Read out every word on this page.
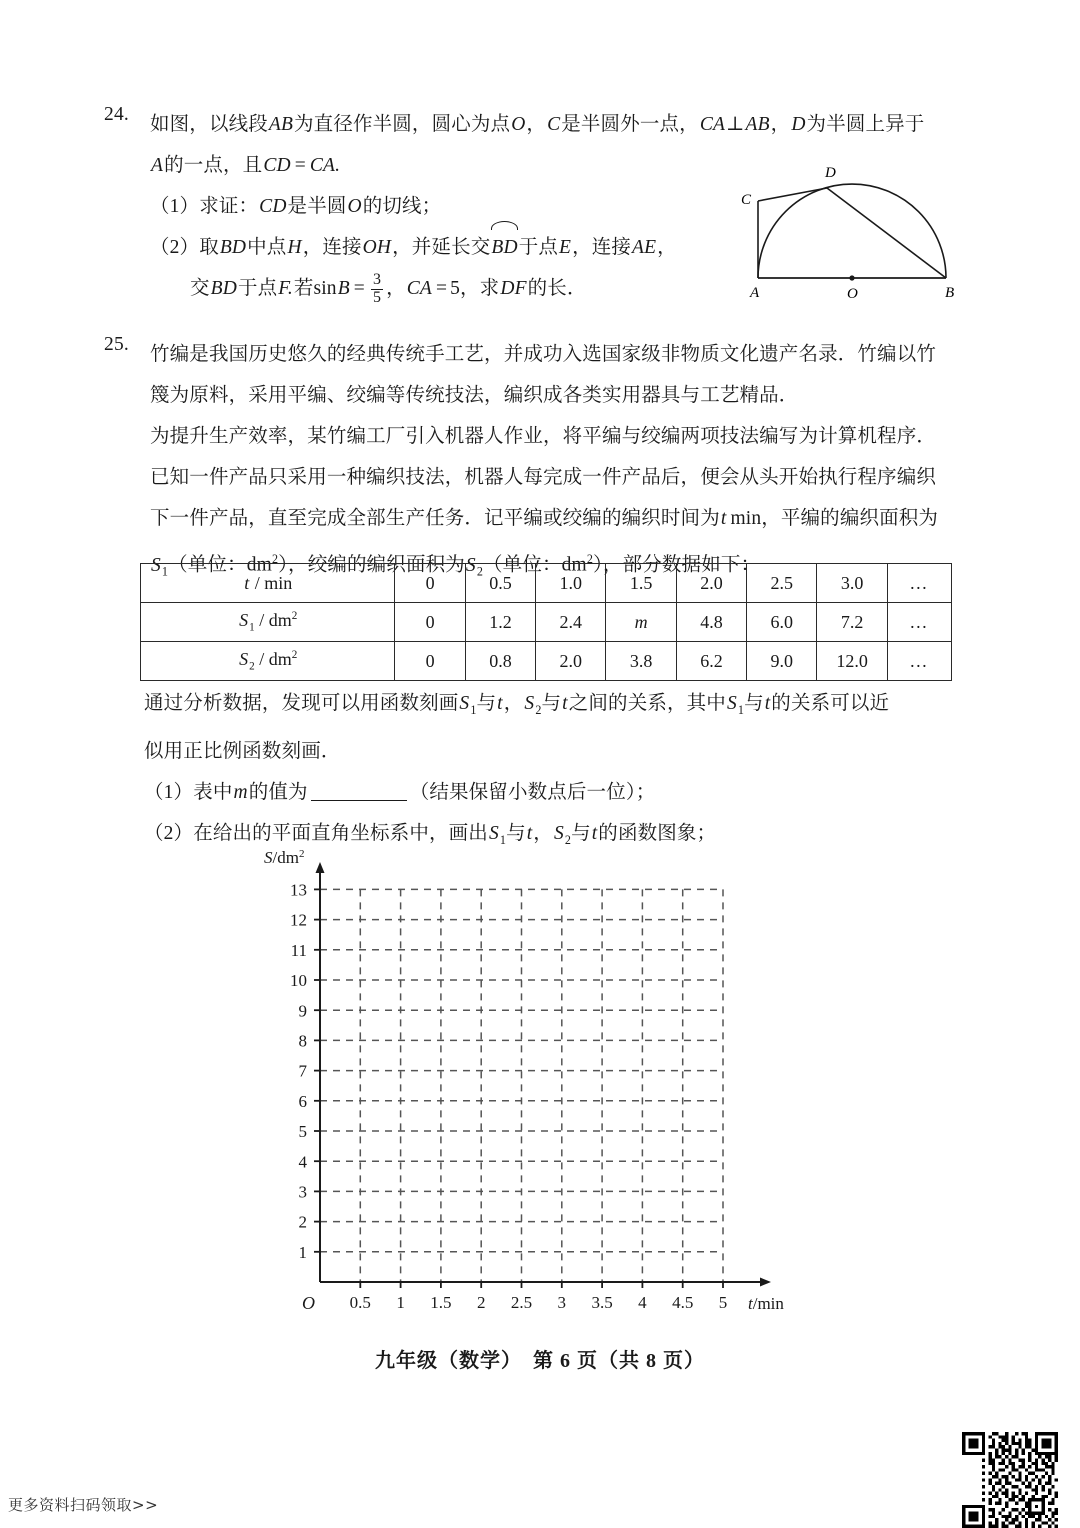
24.	如图，以线段AB为直径作半圆，圆心为点O，C是半圆外一点，CA⊥AB，D为半圆上异于
A的一点，且CD = CA.
（1）求证：CD是半圆O的切线；
（2）取BD中点H，连接OH，并延长交BD于点E，连接AE，
交BD于点F.若$\sin B = \frac{3}{5}$ ，CA = 5，求DF的长．	A	B
C
D
O
25.	竹编是我国历史悠久的经典传统手工艺，并成功入选国家级非物质文化遗产名录．竹编以竹
篾为原料，采用平编、绞编等传统技法，编织成各类实用器具与工艺精品．
为提升生产效率，某竹编工厂引入机器人作业，将平编与绞编两项技法编写为计算机程序．
已知一件产品只采用一种编织技法，机器人每完成一件产品后，便会从头开始执行程序编织
下一件产品，直至完成全部生产任务．记平编或绞编的编织时间为t min，平编的编织面积为
$S_1$（单位：$dm^2$），绞编的编织面积为$S_2$（单位：$dm^2$），部分数据如下：
t / min	0	0.5	1.0	1.5	2.0	2.5	3.0	…
$S_1 / dm^2$	0	1.2	2.4	m	4.8	6.0	7.2	…
$S_2 / dm^2$	0	0.8	2.0	3.8	6.2	9.0	12.0	…
通过分析数据，发现可以用函数刻画$S_1$与t，$S_2$与t之间的关系，其中$S_1$与t的关系可以近
似用正比例函数刻画．
（1）表中m的值为	（结果保留小数点后一位）；
（2）在给出的平面直角坐标系中，画出$S_1$与t，$S_2$与t的函数图象；
13
12
11
10
9
8
7
6
5
4
3
2
1
0.5 1 1.5 2 2.5 3 3.5 4 4.5 5
O
$S/dm^2$
t/min
九年级（数学）　第 6 页（共 8 页）
更多资料扫码领取>>
